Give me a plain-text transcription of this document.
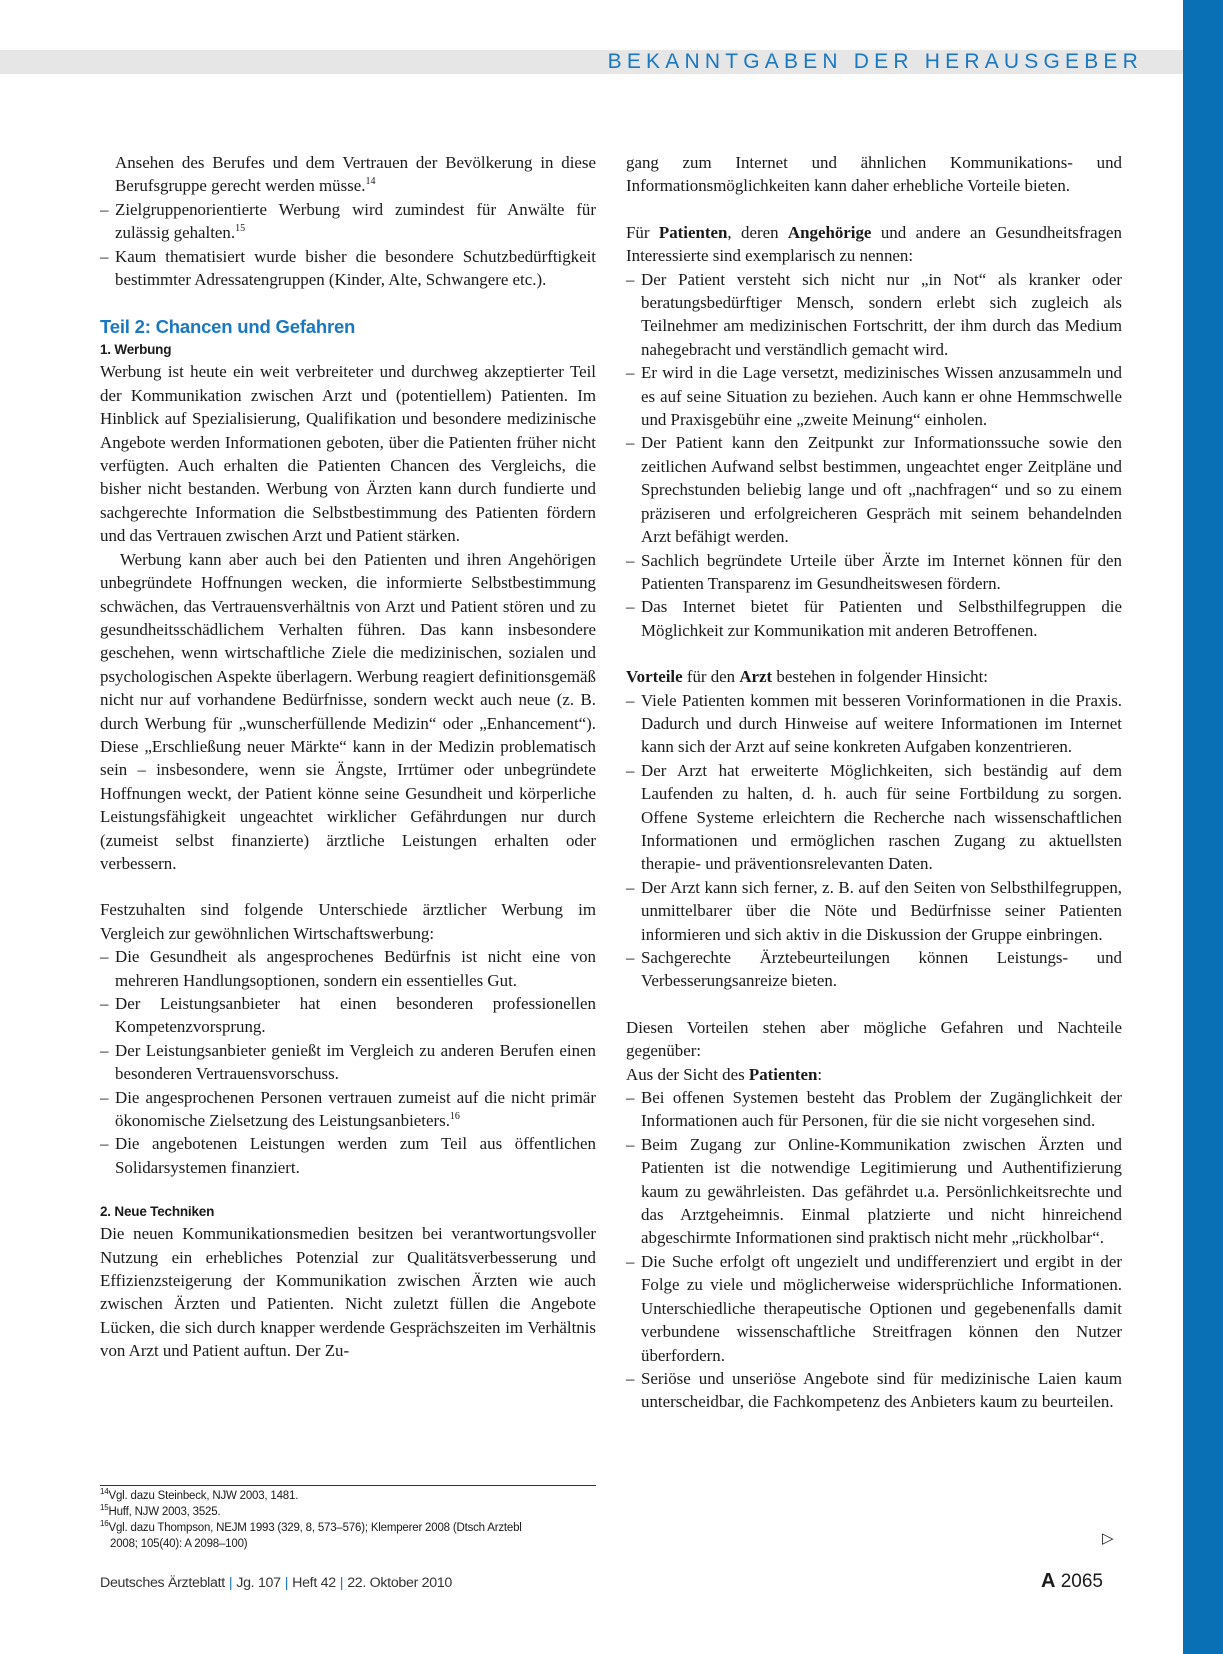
BEKANNTGABEN DER HERAUSGEBER
Ansehen des Berufes und dem Vertrauen der Bevölkerung in diese Berufsgruppe gerecht werden müsse.$^{14}$
– Zielgruppenorientierte Werbung wird zumindest für Anwälte für zulässig gehalten.$^{15}$
– Kaum thematisiert wurde bisher die besondere Schutzbedürftigkeit bestimmter Adressatengruppen (Kinder, Alte, Schwangere etc.).
Teil 2: Chancen und Gefahren
1. Werbung

Werbung ist heute ein weit verbreiteter und durchweg akzeptierter Teil der Kommunikation zwischen Arzt und (potentiellem) Patienten. Im Hinblick auf Spezialisierung, Qualifikation und besondere medizinische Angebote werden Informationen geboten, über die Patienten früher nicht verfügten. Auch erhalten die Patienten Chancen des Vergleichs, die bisher nicht bestanden. Werbung von Ärzten kann durch fundierte und sachgerechte Information die Selbstbestimmung des Patienten fördern und das Vertrauen zwischen Arzt und Patient stärken.

Werbung kann aber auch bei den Patienten und ihren Angehörigen unbegründete Hoffnungen wecken, die informierte Selbstbestimmung schwächen, das Vertrauensverhältnis von Arzt und Patient stören und zu gesundheitsschädlichem Verhalten führen. Das kann insbesondere geschehen, wenn wirtschaftliche Ziele die medizinischen, sozialen und psychologischen Aspekte überlagern. Werbung reagiert definitionsgemäß nicht nur auf vorhandene Bedürfnisse, sondern weckt auch neue (z. B. durch Werbung für „wunscherfüllende Medizin“ oder „Enhancement“). Diese „Erschließung neuer Märkte“ kann in der Medizin problematisch sein – insbesondere, wenn sie Ängste, Irrtümer oder unbegründete Hoffnungen weckt, der Patient könne seine Gesundheit und körperliche Leistungsfähigkeit ungeachtet wirklicher Gefährdungen nur durch (zumeist selbst finanzierte) ärztliche Leistungen erhalten oder verbessern.

Festzuhalten sind folgende Unterschiede ärztlicher Werbung im Vergleich zur gewöhnlichen Wirtschaftswerbung:

– Die Gesundheit als angesprochenes Bedürfnis ist nicht eine von mehreren Handlungsoptionen, sondern ein essentielles Gut.
– Der Leistungsanbieter hat einen besonderen professionellen Kompetenzvorsprung.
– Der Leistungsanbieter genießt im Vergleich zu anderen Berufen einen besonderen Vertrauensvorschuss.
– Die angesprochenen Personen vertrauen zumeist auf die nicht primär ökonomische Zielsetzung des Leistungsanbieters.$^{16}$
– Die angebotenen Leistungen werden zum Teil aus öffentlichen Solidarsystemen finanziert.
2. Neue Techniken

Die neuen Kommunikationsmedien besitzen bei verantwortungsvoller Nutzung ein erhebliches Potenzial zur Qualitätsverbesserung und Effizienzsteigerung der Kommunikation zwischen Ärzten wie auch zwischen Ärzten und Patienten. Nicht zuletzt füllen die Angebote Lücken, die sich durch knapper werdende Gesprächszeiten im Verhältnis von Arzt und Patient auftun. Der Zu-

$^{14}$Vgl. dazu Steinbeck, NJW 2003, 1481.
$^{15}$Huff, NJW 2003, 3525.
$^{16}$Vgl. dazu Thompson, NEJM 1993 (329, 8, 573–576); Klemperer 2008 (Dtsch Arztebl
2008; 105(40): A 2098–100)

gang zum Internet und ähnlichen Kommunikations- und Informationsmöglichkeiten kann daher erhebliche Vorteile bieten.

Für Patienten, deren Angehörige und andere an Gesundheitsfragen Interessierte sind exemplarisch zu nennen:

– Der Patient versteht sich nicht nur „in Not“ als kranker oder beratungsbedürftiger Mensch, sondern erlebt sich zugleich als Teilnehmer am medizinischen Fortschritt, der ihm durch das Medium nahegebracht und verständlich gemacht wird.
– Er wird in die Lage versetzt, medizinisches Wissen anzusammeln und es auf seine Situation zu beziehen. Auch kann er ohne Hemmschwelle und Praxisgebühr eine „zweite Meinung“ einholen.
– Der Patient kann den Zeitpunkt zur Informationssuche sowie den zeitlichen Aufwand selbst bestimmen, ungeachtet enger Zeitpläne und Sprechstunden beliebig lange und oft „nachfragen“ und so zu einem präziseren und erfolgreicheren Gespräch mit seinem behandelnden Arzt befähigt werden.
– Sachlich begründete Urteile über Ärzte im Internet können für den Patienten Transparenz im Gesundheitswesen fördern.
– Das Internet bietet für Patienten und Selbsthilfegruppen die Möglichkeit zur Kommunikation mit anderen Betroffenen.

Vorteile für den Arzt bestehen in folgender Hinsicht:

– Viele Patienten kommen mit besseren Vorinformationen in die Praxis. Dadurch und durch Hinweise auf weitere Informationen im Internet kann sich der Arzt auf seine konkreten Aufgaben konzentrieren.
– Der Arzt hat erweiterte Möglichkeiten, sich beständig auf dem Laufenden zu halten, d. h. auch für seine Fortbildung zu sorgen. Offene Systeme erleichtern die Recherche nach wissenschaftlichen Informationen und ermöglichen raschen Zugang zu aktuellsten therapie- und präventionsrelevanten Daten.
– Der Arzt kann sich ferner, z. B. auf den Seiten von Selbsthilfegruppen, unmittelbarer über die Nöte und Bedürfnisse seiner Patienten informieren und sich aktiv in die Diskussion der Gruppe einbringen.
– Sachgerechte Ärztebeurteilungen können Leistungs- und Verbesserungsanreize bieten.

Diesen Vorteilen stehen aber mögliche Gefahren und Nachteile gegenüber:

Aus der Sicht des Patienten:

– Bei offenen Systemen besteht das Problem der Zugänglichkeit der Informationen auch für Personen, für die sie nicht vorgesehen sind.
– Beim Zugang zur Online-Kommunikation zwischen Ärzten und Patienten ist die notwendige Legitimierung und Authentifizierung kaum zu gewährleisten. Das gefährdet u.a. Persönlichkeitsrechte und das Arztgeheimnis. Einmal platzierte und nicht hinreichend abgeschirmte Informationen sind praktisch nicht mehr „rückholbar“.
– Die Suche erfolgt oft ungezielt und undifferenziert und ergibt in der Folge zu viele und möglicherweise widersprüchliche Informationen. Unterschiedliche therapeutische Optionen und gegebenenfalls damit verbundene wissenschaftliche Streitfragen können den Nutzer überfordern.
– Seriöse und unseriöse Angebote sind für medizinische Laien kaum unterscheidbar, die Fachkompetenz des Anbieters kaum zu beurteilen.
▷
Deutsches Ärzteblatt | Jg. 107 | Heft 42 | 22. Oktober 2010	A 2065
